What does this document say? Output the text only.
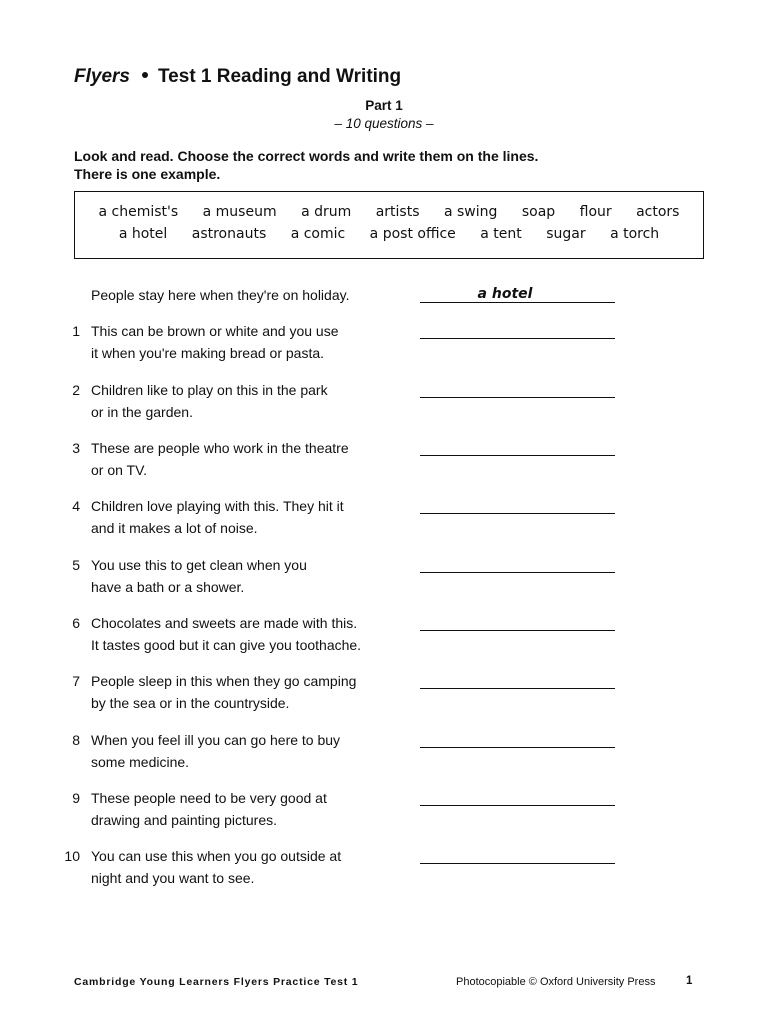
Flyers Test 1 Reading and Writing
Part 1
– 10 questions –
Look and read. Choose the correct words and write them on the lines.
There is one example.
a chemist's a museum a drum artists a swing soap flour actors
a hotel astronauts a comic a post office a tent sugar a torch
People stay here when they're on holiday.	a hotel
1 This can be brown or white and you use
it when you're making bread or pasta.
2 Children like to play on this in the park
or in the garden.
3 These are people who work in the theatre
or on TV.
4 Children love playing with this. They hit it
and it makes a lot of noise.
5 You use this to get clean when you
have a bath or a shower.
6 Chocolates and sweets are made with this.
It tastes good but it can give you toothache.
7 People sleep in this when they go camping
by the sea or in the countryside.
8 When you feel ill you can go here to buy
some medicine.
9 These people need to be very good at
drawing and painting pictures.
10 You can use this when you go outside at
night and you want to see.
Cambridge Young Learners Flyers Practice Test 1	Photocopiable © Oxford University Press	1
